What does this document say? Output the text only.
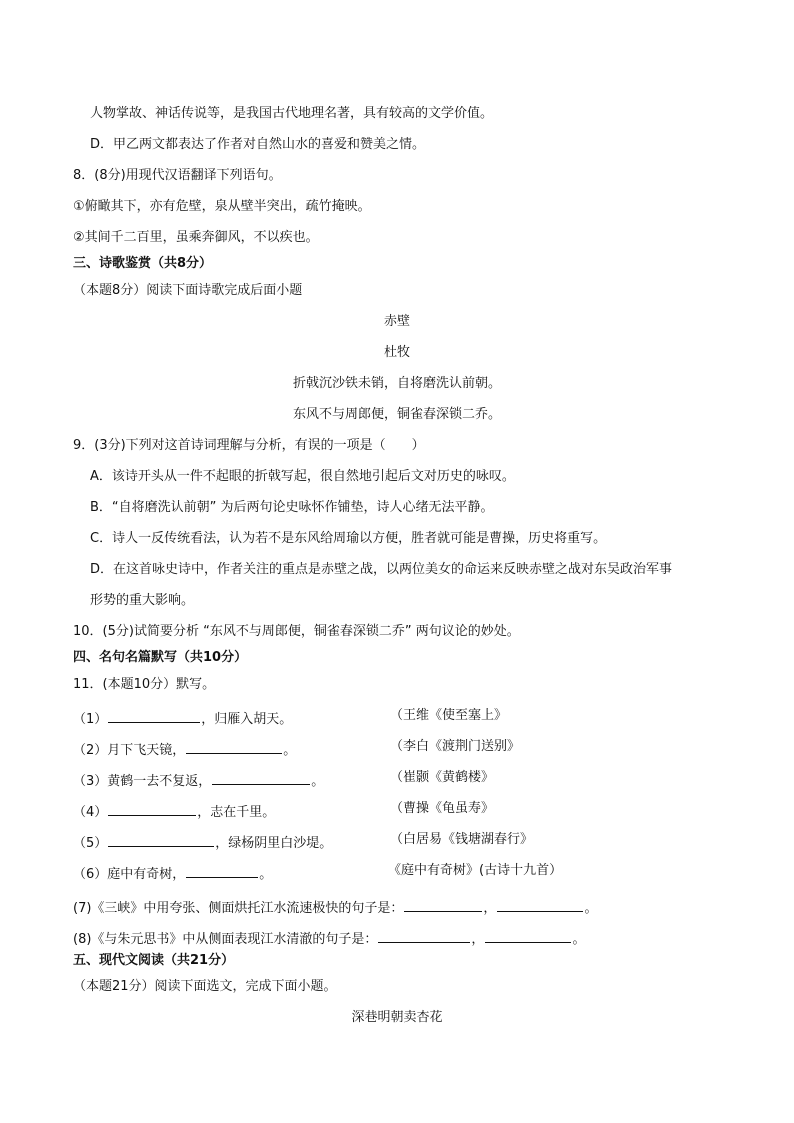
人物掌故、神话传说等，是我国古代地理名著，具有较高的文学价值。
D．甲乙两文都表达了作者对自然山水的喜爱和赞美之情。
8．(8分)用现代汉语翻译下列语句。
①俯瞰其下，亦有危壁，泉从壁半突出，疏竹掩映。
②其间千二百里，虽乘奔御风，不以疾也。
三、诗歌鉴赏（共8分）
（本题8分）阅读下面诗歌完成后面小题
赤壁
杜牧
折戟沉沙铁未销，自将磨洗认前朝。
东风不与周郎便，铜雀春深锁二乔。
9．(3分)下列对这首诗词理解与分析，有误的一项是（　　）
A．该诗开头从一件不起眼的折戟写起，很自然地引起后文对历史的咏叹。
B．“自将磨洗认前朝” 为后两句论史咏怀作铺垫，诗人心绪无法平静。
C．诗人一反传统看法，认为若不是东风给周瑜以方便，胜者就可能是曹操，历史将重写。
D．在这首咏史诗中，作者关注的重点是赤壁之战，以两位美女的命运来反映赤壁之战对东吴政治军事
形势的重大影响。
10．(5分)试简要分析 “东风不与周郎便，铜雀春深锁二乔” 两句议论的妙处。
四、名句名篇默写（共10分）
11．(本题10分）默写。
（1）	，归雁入胡天。	（王维《使至塞上》
（2）月下飞天镜，	。	（李白《渡荆门送别》
（3）黄鹤一去不复返，	。	（崔颢《黄鹤楼》
（4）	，志在千里。	（曹操《龟虽寿》
（5）	，绿杨阴里白沙堤。	（白居易《钱塘湖春行》
（6）庭中有奇树，	。	《庭中有奇树》(古诗十九首）
(7)《三峡》中用夸张、侧面烘托江水流速极快的句子是：	，	。
(8)《与朱元思书》中从侧面表现江水清澈的句子是：	，	。
五、现代文阅读（共21分）
（本题21分）阅读下面选文，完成下面小题。
深巷明朝卖杏花
